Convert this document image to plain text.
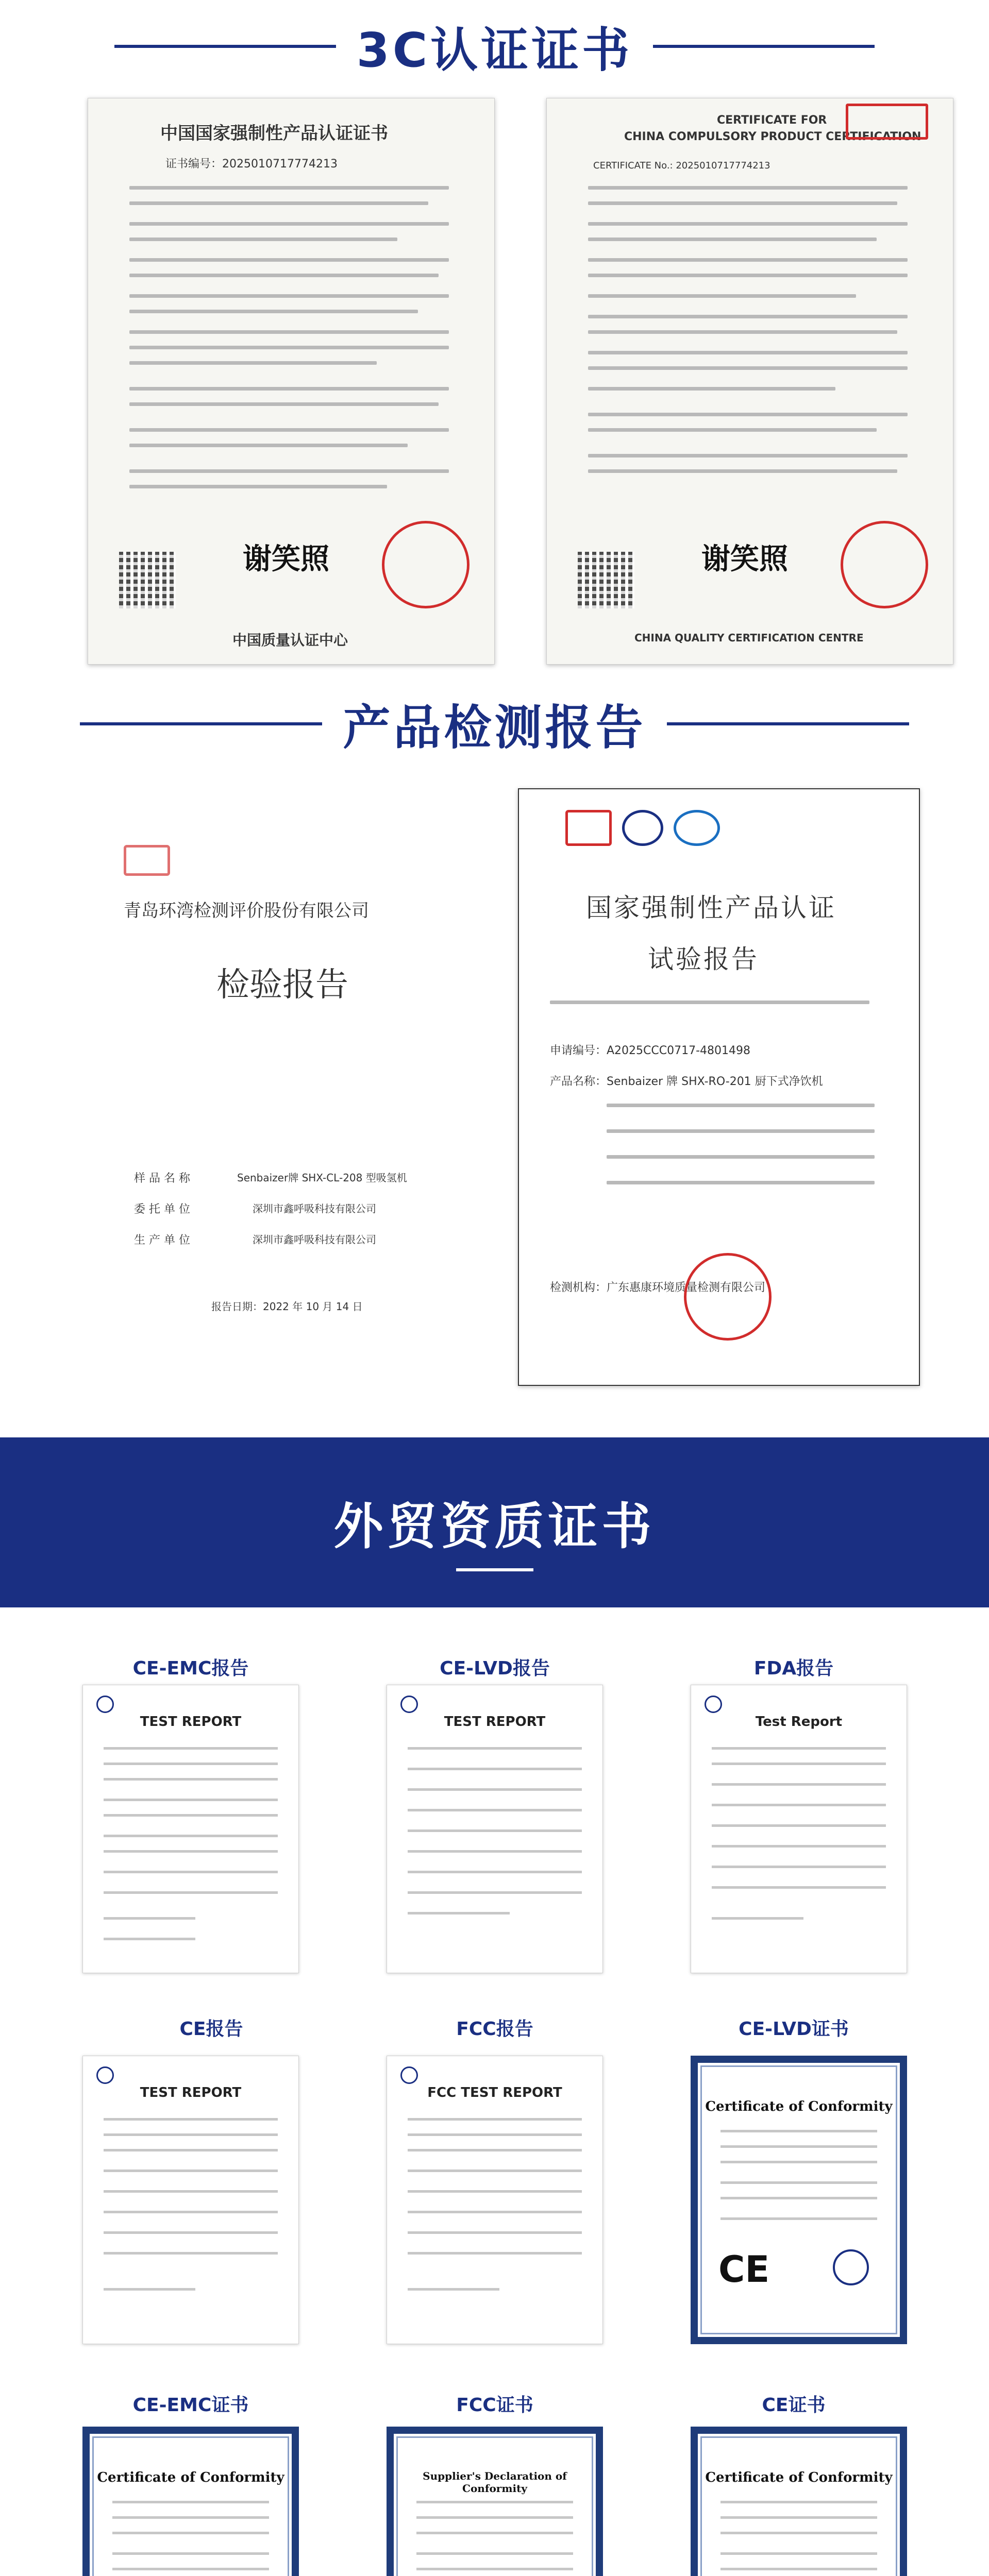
3C认证证书
中国国家强制性产品认证证书
证书编号：2025010717774213
谢笑照
中国质量认证中心
CERTIFICATE FOR
CHINA COMPULSORY PRODUCT CERTIFICATION
CERTIFICATE No.: 2025010717774213
谢笑照
CHINA QUALITY CERTIFICATION CENTRE
产品检测报告
青岛环湾检测评价股份有限公司
检验报告
样 品 名 称	Senbaizer牌 SHX-CL-208 型吸氢机
委 托 单 位	深圳市鑫呼吸科技有限公司
生 产 单 位	深圳市鑫呼吸科技有限公司
报告日期：2022 年 10 月 14 日
国家强制性产品认证
试验报告
申请编号：A2025CCC0717-4801498
产品名称：Senbaizer 牌 SHX-RO-201 厨下式净饮机
检测机构：广东惠康环境质量检测有限公司
外贸资质证书
CE-EMC报告	CE-LVD报告	FDA报告
TEST REPORT	TEST REPORT	Test Report
CE报告	FCC报告	CE-LVD证书
TEST REPORT	FCC TEST REPORT
Certificate of Conformity
CE
CE-EMC证书	FCC证书	CE证书
Certificate of Conformity	Supplier's Declaration of Conformity
Certificate of Conformity
